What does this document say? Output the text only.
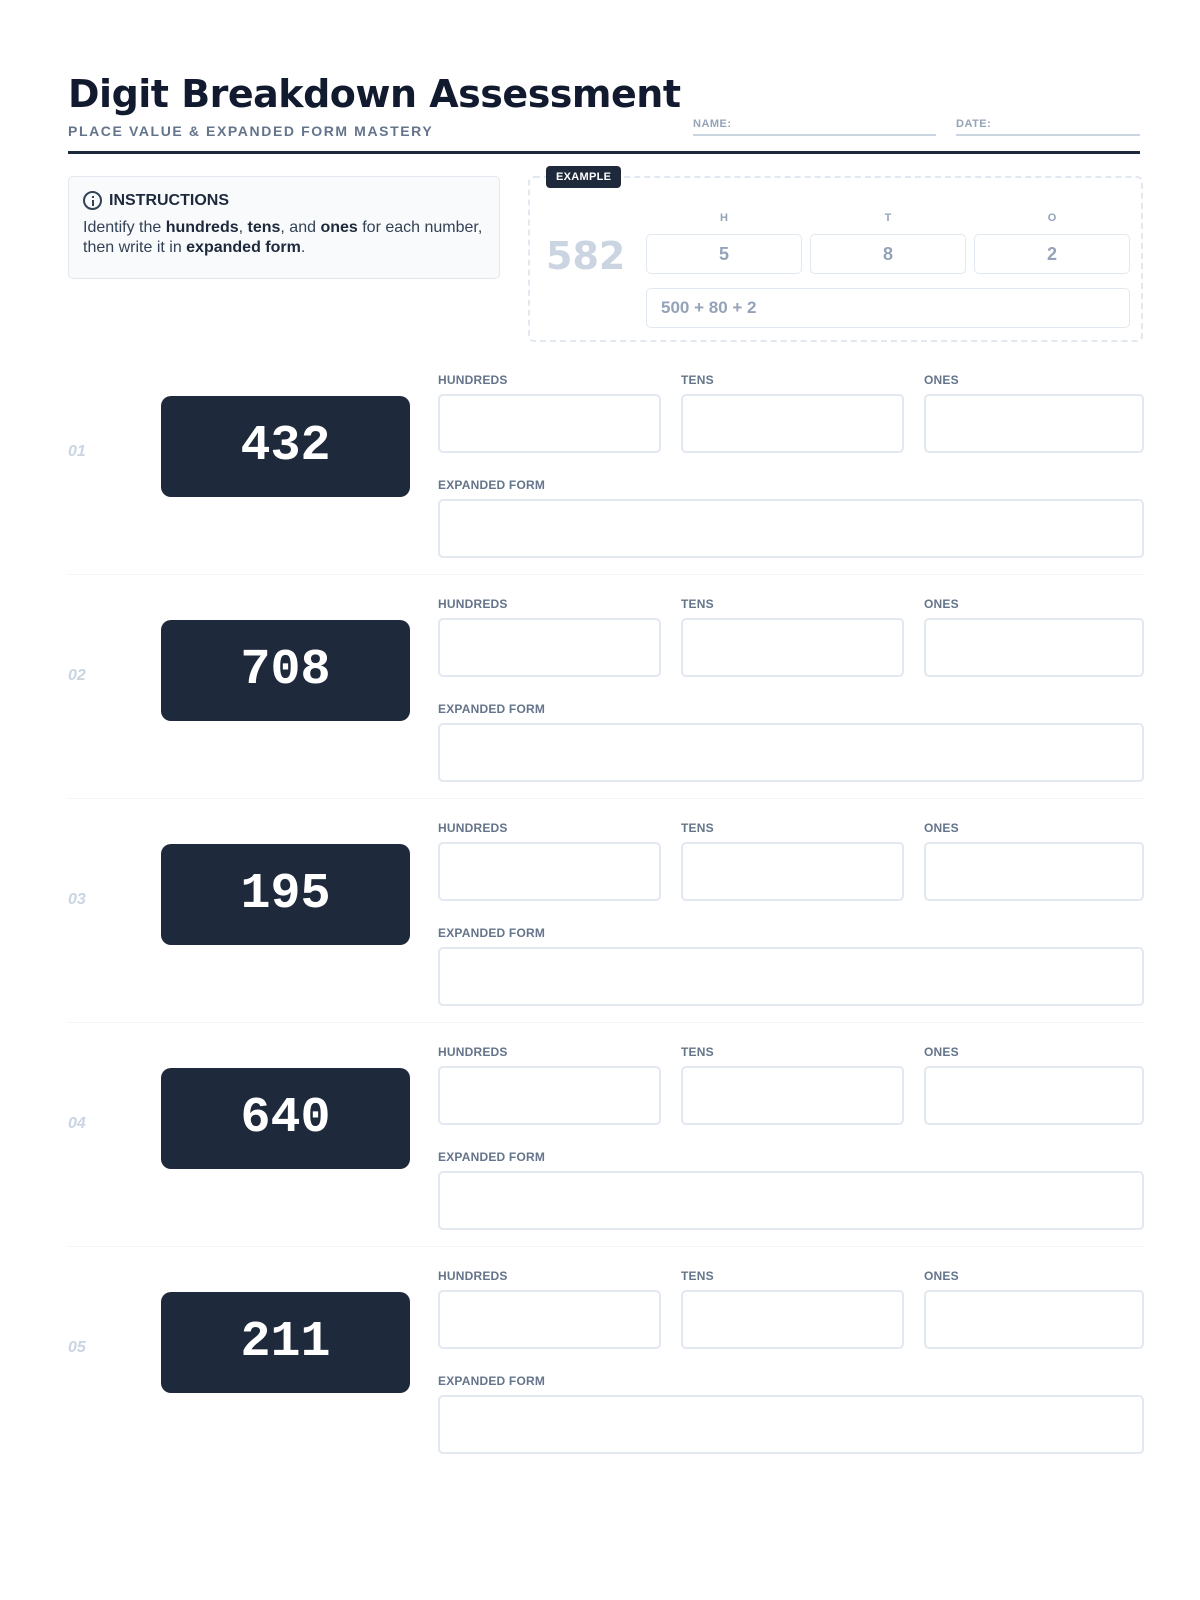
Digit Breakdown Assessment
PLACE VALUE & EXPANDED FORM MASTERY	NAME:	DATE:
INSTRUCTIONS
Identify the hundreds, tens, and ones for each number, then write it in expanded form.
EXAMPLE
582
H
5
T
8
O
2
500 + 80 + 2
01	432
HUNDREDS	TENS	ONES
EXPANDED FORM
02	708
HUNDREDS	TENS	ONES
EXPANDED FORM
03	195
HUNDREDS	TENS	ONES
EXPANDED FORM
04	640
HUNDREDS	TENS	ONES
EXPANDED FORM
05	211
HUNDREDS	TENS	ONES
EXPANDED FORM
